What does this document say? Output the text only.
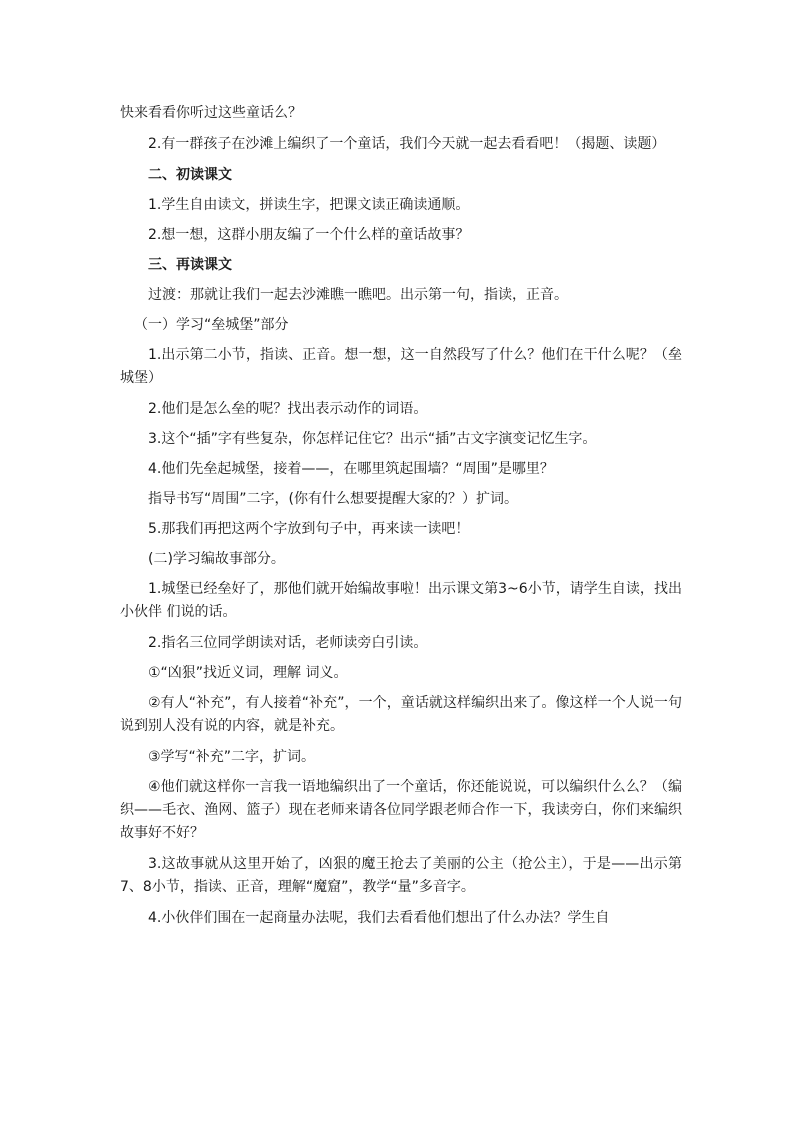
快来看看你听过这些童话么？

2.有一群孩子在沙滩上编织了一个童话，我们今天就一起去看看吧！（揭题、读题）

二、初读课文

1.学生自由读文，拼读生字，把课文读正确读通顺。

2.想一想，这群小朋友编了一个什么样的童话故事？

三、再读课文

过渡：那就让我们一起去沙滩瞧一瞧吧。出示第一句，指读，正音。

（一）学习“垒城堡”部分

1.出示第二小节，指读、正音。想一想，这一自然段写了什么？他们在干什么呢？（垒城堡）

2.他们是怎么垒的呢？找出表示动作的词语。

3.这个“插”字有些复杂，你怎样记住它？出示“插”古文字演变记忆生字。

4.他们先垒起城堡，接着——，在哪里筑起围墙？“周围”是哪里？

指导书写“周围”二字，(你有什么想要提醒大家的？）扩词。

5.那我们再把这两个字放到句子中，再来读一读吧！

(二)学习编故事部分。

1.城堡已经垒好了，那他们就开始编故事啦！出示课文第3~6小节，请学生自读，找出小伙伴 们说的话。

2.指名三位同学朗读对话，老师读旁白引读。

①“凶狠”找近义词，理解 词义。

②有人“补充”，有人接着“补充”，一个，童话就这样编织出来了。像这样一个人说一句说到别人没有说的内容，就是补充。

③学写“补充”二字，扩词。

④他们就这样你一言我一语地编织出了一个童话，你还能说说，可以编织什么么？（编织——毛衣、渔网、篮子）现在老师来请各位同学跟老师合作一下，我读旁白，你们来编织故事好不好？

3.这故事就从这里开始了，凶狠的魔王抢去了美丽的公主（抢公主），于是——出示第7、8小节，指读、正音，理解“魔窟”，教学“量”多音字。

4.小伙伴们围在一起商量办法呢，我们去看看他们想出了什么办法？学生自
